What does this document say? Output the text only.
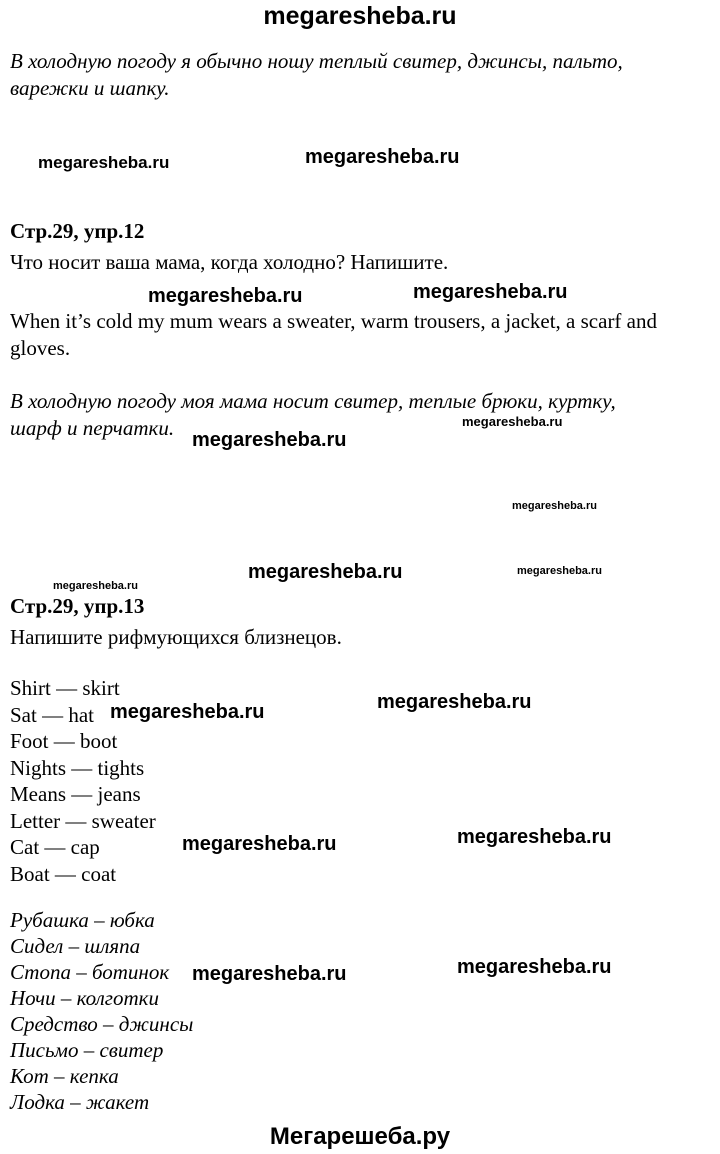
megaresheba.ru

В холодную погоду я обычно ношу теплый свитер, джинсы, пальто, варежки и шапку.

Стр.29, упр.12

Что носит ваша мама, когда холодно? Напишите.

When it’s cold my mum wears a sweater, warm trousers, a jacket, a scarf and gloves.

В холодную погоду моя мама носит свитер, теплые брюки, куртку, шарф и перчатки.

Стр.29, упр.13

Напишите рифмующихся близнецов.

Shirt — skirt
Sat — hat
Foot — boot
Nights — tights
Means — jeans
Letter — sweater
Cat — cap
Boat — coat
Рубашка – юбка
Сидел – шляпа
Стопа – ботинок
Ночи – колготки
Средство – джинсы
Письмо – свитер
Кот – кепка
Лодка – жакет
Мегарешеба.ру
megaresheba.ru	megaresheba.ru
megaresheba.ru	megaresheba.ru
megaresheba.ru
megaresheba.ru
megaresheba.ru
megaresheba.ru	megaresheba.ru
megaresheba.ru
megaresheba.ru	megaresheba.ru
megaresheba.ru	megaresheba.ru
megaresheba.ru	megaresheba.ru
